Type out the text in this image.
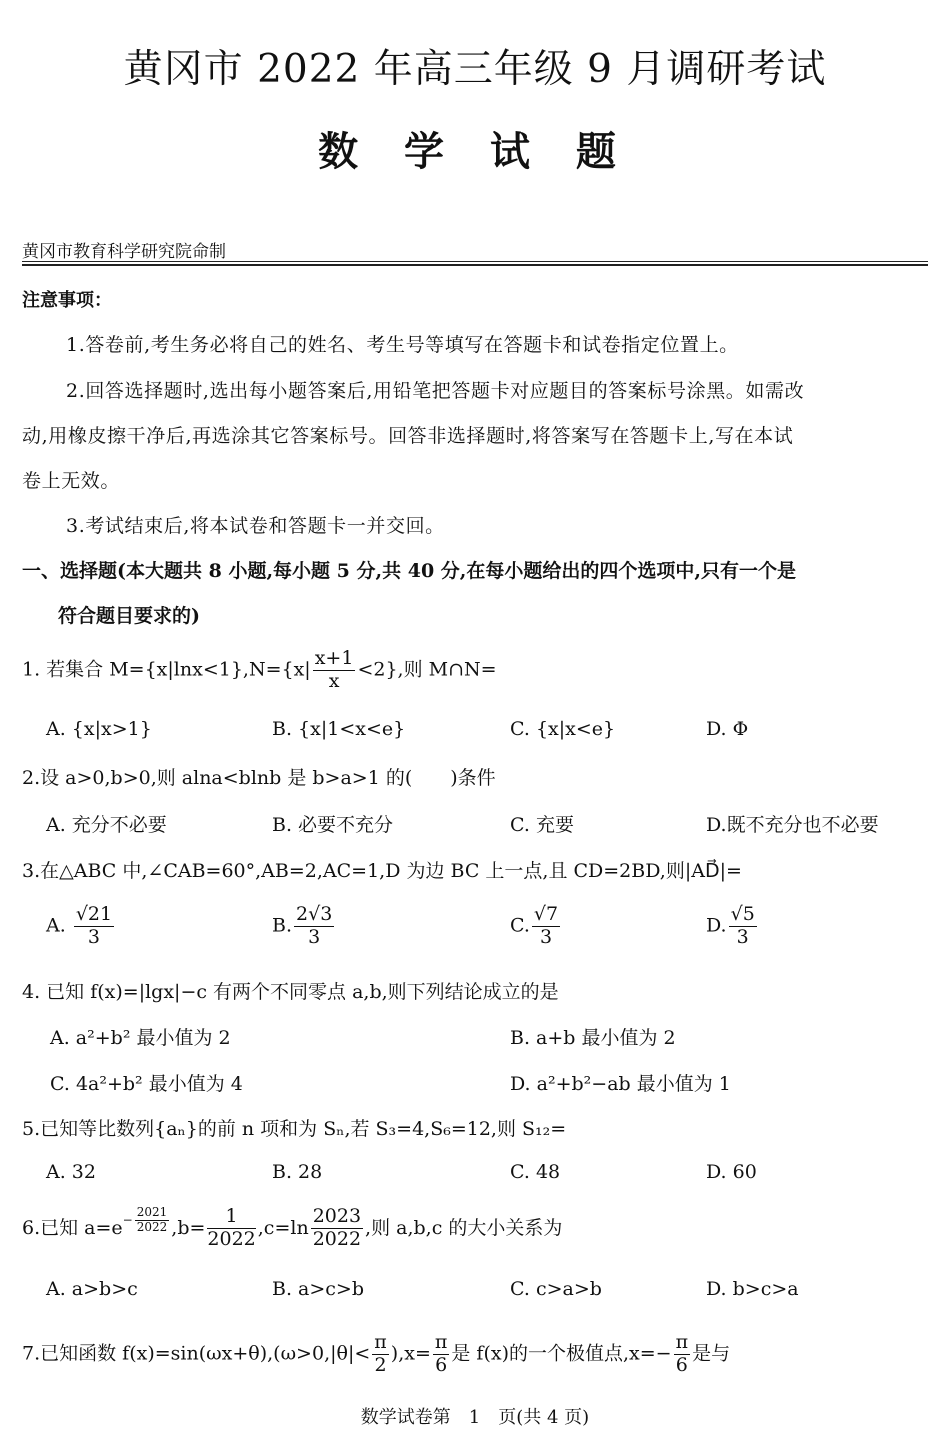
黄冈市 2022 年高三年级 9 月调研考试
数 学 试 题
黄冈市教育科学研究院命制
注意事项：
1.答卷前,考生务必将自己的姓名、考生号等填写在答题卡和试卷指定位置上。
2.回答选择题时,选出每小题答案后,用铅笔把答题卡对应题目的答案标号涂黑。如需改
动,用橡皮擦干净后,再选涂其它答案标号。回答非选择题时,将答案写在答题卡上,写在本试
卷上无效。
3.考试结束后,将本试卷和答题卡一并交回。
一、选择题(本大题共 8 小题,每小题 5 分,共 40 分,在每小题给出的四个选项中,只有一个是
符合题目要求的)
1. 若集合 $M=\{x|\ln x<1\},N=\{x| \frac{x+1}{x} <2\}$,则 M∩N=
A. {x|x>1}	B. {x|1<x<e}	C. {x|x<e}	D. Φ
2.设 a>0,b>0,则 alna<blnb 是 b>a>1 的(　　)条件
A. 充分不必要	B. 必要不充分	C. 充要	D.既不充分也不必要
3.在△ABC 中,∠CAB=60°,AB=2,AC=1,D 为边 BC 上一点,且 CD=2BD,则|AD⃗|=
A. $\frac{√21}{3}$	B. $\frac{2√3}{3}$	C. $\frac{√7}{3}$	D. $\frac{√5}{3}$
4. 已知 f(x)=|lgx|−c 有两个不同零点 a,b,则下列结论成立的是
A. a²+b² 最小值为 2	B. a+b 最小值为 2
C. 4a²+b² 最小值为 4	D. a²+b²−ab 最小值为 1
5.已知等比数列{aₙ}的前 n 项和为 Sₙ,若 S₃=4,S₆=12,则 S₁₂=
A. 32	B. 28	C. 48	D. 60
6.已知 $a=e^{- \frac{2021}{2022}}$ $,b= \frac{1}{2022} ,c=\ln \frac{2023}{2022}$ ,则 a,b,c 的大小关系为
A. a>b>c	B. a>c>b	C. c>a>b	D. b>c>a
7.已知函数 $f(x)=\sin(\omega x+\theta),(\omega>0,|\theta|< \frac{\pi}{2} ),x= \frac{\pi}{6}$ 是 f(x)的一个极值点$,x=- \frac{\pi}{6}$ 是与
数学试卷第　1　页(共 4 页)
